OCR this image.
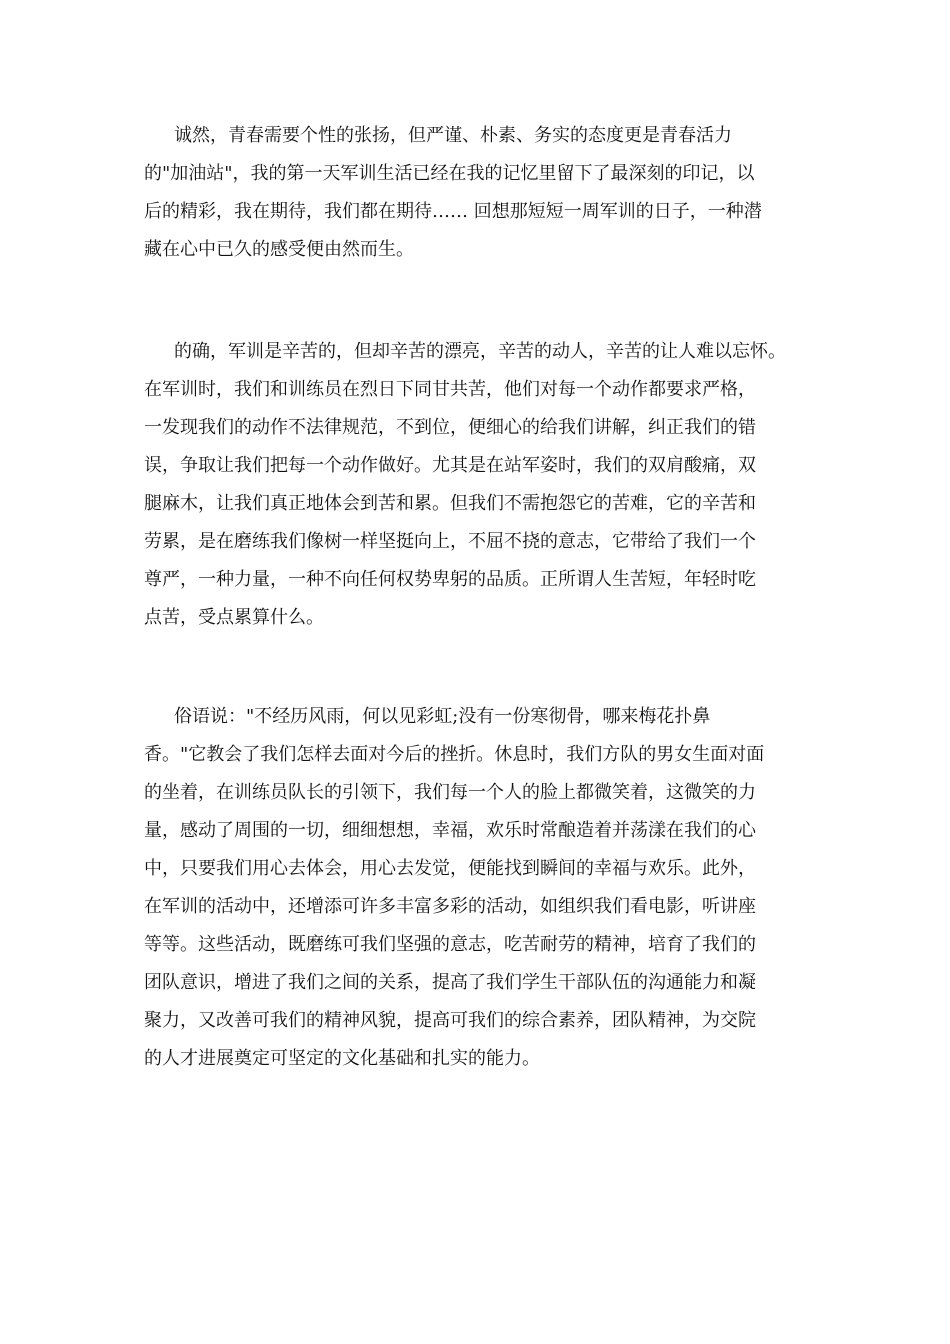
诚然，青春需要个性的张扬，但严谨、朴素、务实的态度更是青春活力
的"加油站"，我的第一天军训生活已经在我的记忆里留下了最深刻的印记，以
后的精彩，我在期待，我们都在期待…… 回想那短短一周军训的日子，一种潜
藏在心中已久的感受便由然而生。
的确，军训是辛苦的，但却辛苦的漂亮，辛苦的动人，辛苦的让人难以忘怀。
在军训时，我们和训练员在烈日下同甘共苦，他们对每一个动作都要求严格，
一发现我们的动作不法律规范，不到位，便细心的给我们讲解，纠正我们的错
误，争取让我们把每一个动作做好。尤其是在站军姿时，我们的双肩酸痛，双
腿麻木，让我们真正地体会到苦和累。但我们不需抱怨它的苦难，它的辛苦和
劳累，是在磨练我们像树一样坚挺向上，不屈不挠的意志，它带给了我们一个
尊严，一种力量，一种不向任何权势卑躬的品质。正所谓人生苦短，年轻时吃
点苦，受点累算什么。
俗语说："不经历风雨，何以见彩虹;没有一份寒彻骨，哪来梅花扑鼻
香。"它教会了我们怎样去面对今后的挫折。休息时，我们方队的男女生面对面
的坐着，在训练员队长的引领下，我们每一个人的脸上都微笑着，这微笑的力
量，感动了周围的一切，细细想想，幸福，欢乐时常酿造着并荡漾在我们的心
中，只要我们用心去体会，用心去发觉，便能找到瞬间的幸福与欢乐。此外，
在军训的活动中，还增添可许多丰富多彩的活动，如组织我们看电影，听讲座
等等。这些活动，既磨练可我们坚强的意志，吃苦耐劳的精神，培育了我们的
团队意识，增进了我们之间的关系，提高了我们学生干部队伍的沟通能力和凝
聚力，又改善可我们的精神风貌，提高可我们的综合素养，团队精神，为交院
的人才进展奠定可坚定的文化基础和扎实的能力。
